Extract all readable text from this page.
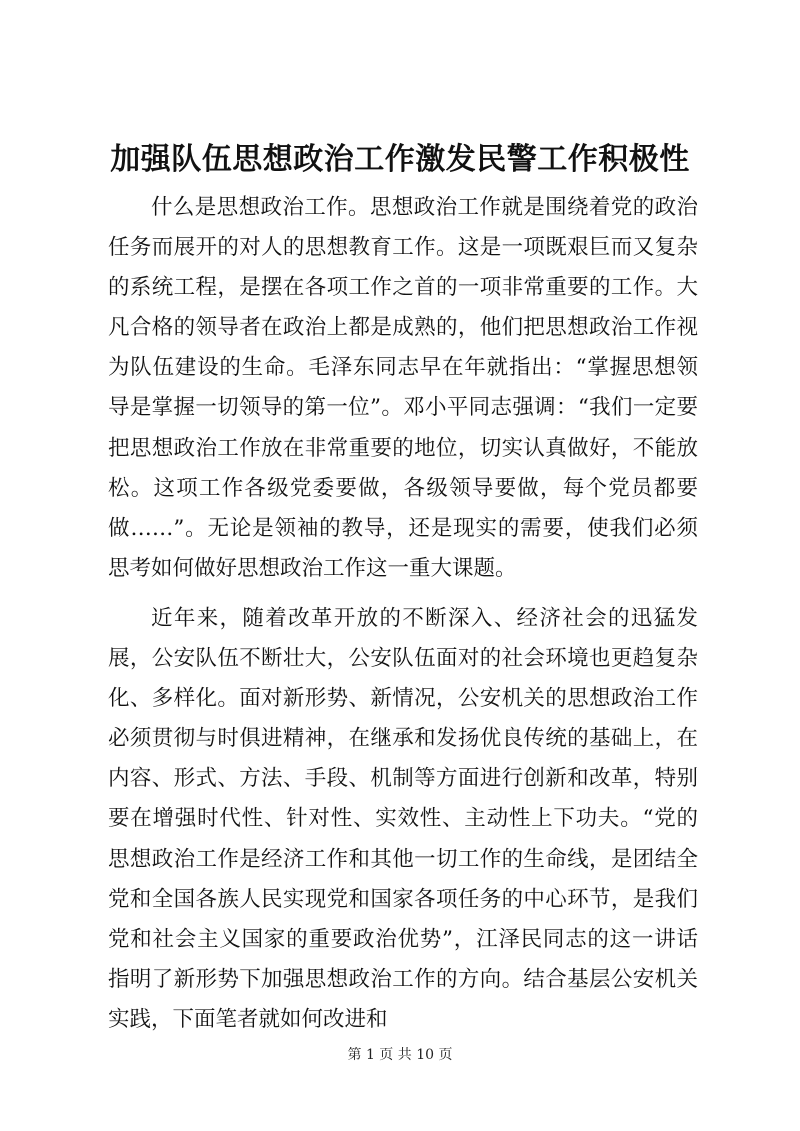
加强队伍思想政治工作激发民警工作积极性

什么是思想政治工作。思想政治工作就是围绕着党的政治任务而展开的对人的思想教育工作。这是一项既艰巨而又复杂的系统工程，是摆在各项工作之首的一项非常重要的工作。大凡合格的领导者在政治上都是成熟的，他们把思想政治工作视为队伍建设的生命。毛泽东同志早在年就指出：“掌握思想领导是掌握一切领导的第一位”。邓小平同志强调：“我们一定要把思想政治工作放在非常重要的地位，切实认真做好，不能放松。这项工作各级党委要做，各级领导要做，每个党员都要做……”。无论是领袖的教导，还是现实的需要，使我们必须思考如何做好思想政治工作这一重大课题。

近年来，随着改革开放的不断深入、经济社会的迅猛发展，公安队伍不断壮大，公安队伍面对的社会环境也更趋复杂化、多样化。面对新形势、新情况，公安机关的思想政治工作必须贯彻与时俱进精神，在继承和发扬优良传统的基础上，在内容、形式、方法、手段、机制等方面进行创新和改革，特别要在增强时代性、针对性、实效性、主动性上下功夫。“党的思想政治工作是经济工作和其他一切工作的生命线，是团结全党和全国各族人民实现党和国家各项任务的中心环节，是我们党和社会主义国家的重要政治优势”，江泽民同志的这一讲话指明了新形势下加强思想政治工作的方向。结合基层公安机关实践，下面笔者就如何改进和

第 1 页 共 10 页
